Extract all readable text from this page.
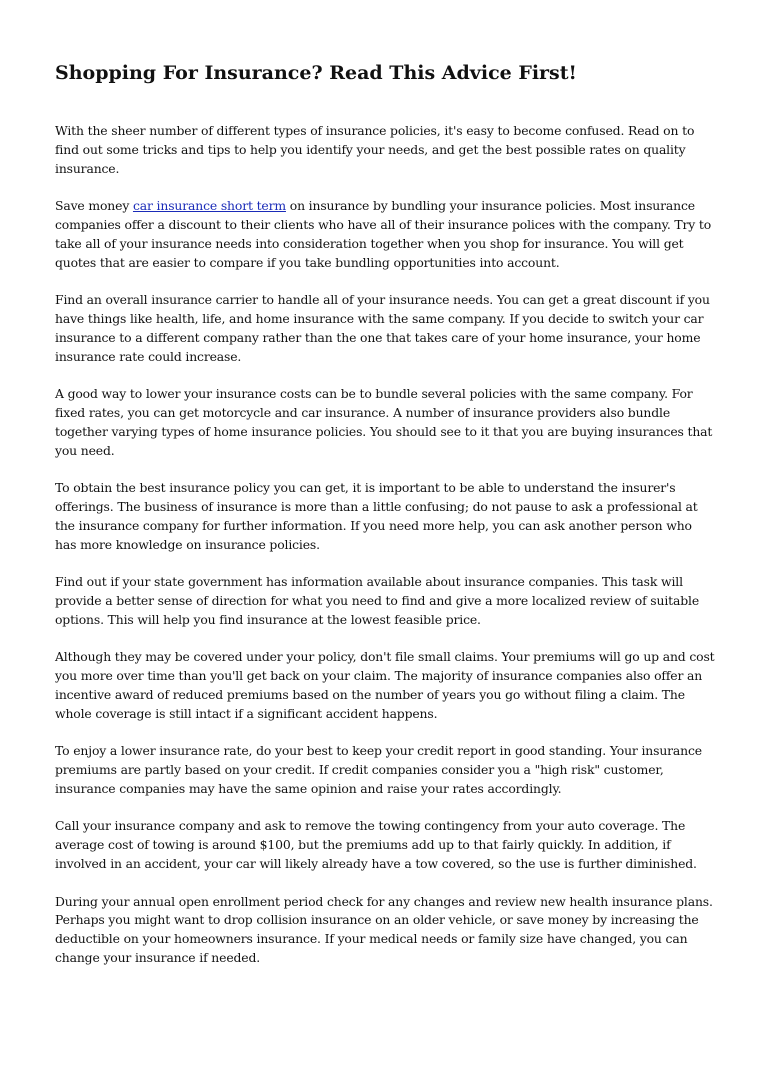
Shopping For Insurance? Read This Advice First!

With the sheer number of different types of insurance policies, it's easy to become confused. Read on to find out some tricks and tips to help you identify your needs, and get the best possible rates on quality insurance.

Save money car insurance short term on insurance by bundling your insurance policies. Most insurance companies offer a discount to their clients who have all of their insurance polices with the company. Try to take all of your insurance needs into consideration together when you shop for insurance. You will get quotes that are easier to compare if you take bundling opportunities into account.

Find an overall insurance carrier to handle all of your insurance needs. You can get a great discount if you have things like health, life, and home insurance with the same company. If you decide to switch your car insurance to a different company rather than the one that takes care of your home insurance, your home insurance rate could increase.

A good way to lower your insurance costs can be to bundle several policies with the same company. For fixed rates, you can get motorcycle and car insurance. A number of insurance providers also bundle together varying types of home insurance policies. You should see to it that you are buying insurances that you need.

To obtain the best insurance policy you can get, it is important to be able to understand the insurer's offerings. The business of insurance is more than a little confusing; do not pause to ask a professional at the insurance company for further information. If you need more help, you can ask another person who has more knowledge on insurance policies.

Find out if your state government has information available about insurance companies. This task will provide a better sense of direction for what you need to find and give a more localized review of suitable options. This will help you find insurance at the lowest feasible price.

Although they may be covered under your policy, don't file small claims. Your premiums will go up and cost you more over time than you'll get back on your claim. The majority of insurance companies also offer an incentive award of reduced premiums based on the number of years you go without filing a claim. The whole coverage is still intact if a significant accident happens.

To enjoy a lower insurance rate, do your best to keep your credit report in good standing. Your insurance premiums are partly based on your credit. If credit companies consider you a "high risk" customer, insurance companies may have the same opinion and raise your rates accordingly.

Call your insurance company and ask to remove the towing contingency from your auto coverage. The average cost of towing is around $100, but the premiums add up to that fairly quickly. In addition, if involved in an accident, your car will likely already have a tow covered, so the use is further diminished.

During your annual open enrollment period check for any changes and review new health insurance plans. Perhaps you might want to drop collision insurance on an older vehicle, or save money by increasing the deductible on your homeowners insurance. If your medical needs or family size have changed, you can change your insurance if needed.
